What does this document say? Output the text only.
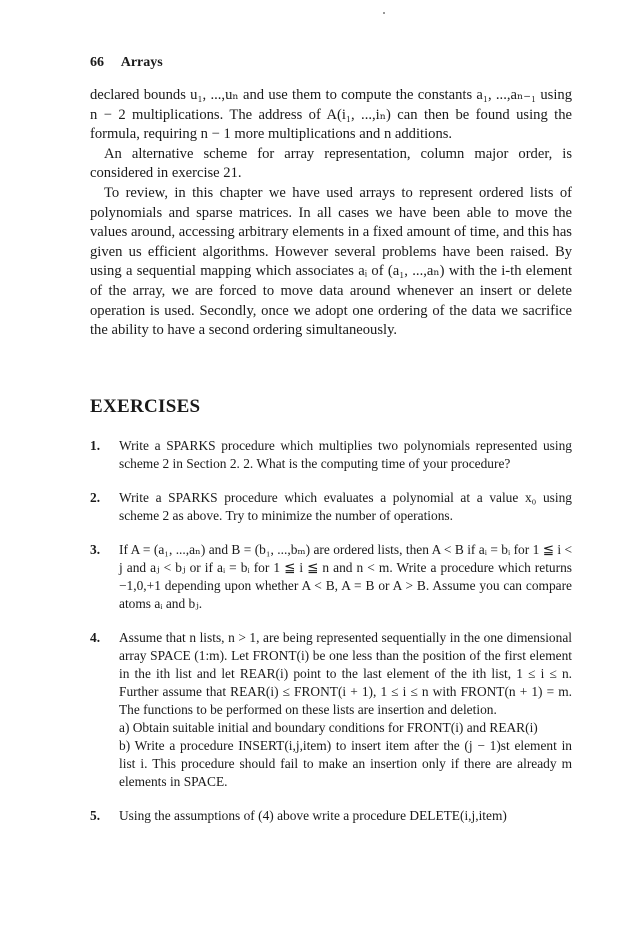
66 Arrays

declared bounds u₁, ...,uₙ and use them to compute the constants a₁, ...,aₙ₋₁ using n − 2 multiplications. The address of A(i₁, ...,iₙ) can then be found using the formula, requiring n − 1 more multiplications and n additions.

An alternative scheme for array representation, column major order, is considered in exercise 21.

To review, in this chapter we have used arrays to represent ordered lists of polynomials and sparse matrices. In all cases we have been able to move the values around, accessing arbitrary elements in a fixed amount of time, and this has given us efficient algorithms. However several problems have been raised. By using a sequential mapping which associates aᵢ of (a₁, ...,aₙ) with the i-th element of the array, we are forced to move data around whenever an insert or delete operation is used. Secondly, once we adopt one ordering of the data we sacrifice the ability to have a second ordering simultaneously.

EXERCISES
1. Write a SPARKS procedure which multiplies two polynomials represented using scheme 2 in Section 2. 2. What is the computing time of your procedure?
2. Write a SPARKS procedure which evaluates a polynomial at a value x₀ using scheme 2 as above. Try to minimize the number of operations.
3. If A = (a₁, ...,aₙ) and B = (b₁, ...,bₘ) are ordered lists, then A < B if aᵢ = bᵢ for 1 ≦ i < j and aⱼ < bⱼ or if aᵢ = bᵢ for 1 ≦ i ≦ n and n < m. Write a procedure which returns −1,0,+1 depending upon whether A < B, A = B or A > B. Assume you can compare atoms aᵢ and bⱼ.
4. Assume that n lists, n > 1, are being represented sequentially in the one dimensional array SPACE (1:m). Let FRONT(i) be one less than the position of the first element in the ith list and let REAR(i) point to the last element of the ith list, 1 ≤ i ≤ n. Further assume that REAR(i) ≤ FRONT(i + 1), 1 ≤ i ≤ n with FRONT(n + 1) = m. The functions to be performed on these lists are insertion and deletion.
a) Obtain suitable initial and boundary conditions for FRONT(i) and REAR(i)
b) Write a procedure INSERT(i,j,item) to insert item after the (j − 1)st element in list i. This procedure should fail to make an insertion only if there are already m elements in SPACE.
5. Using the assumptions of (4) above write a procedure DELETE(i,j,item)
